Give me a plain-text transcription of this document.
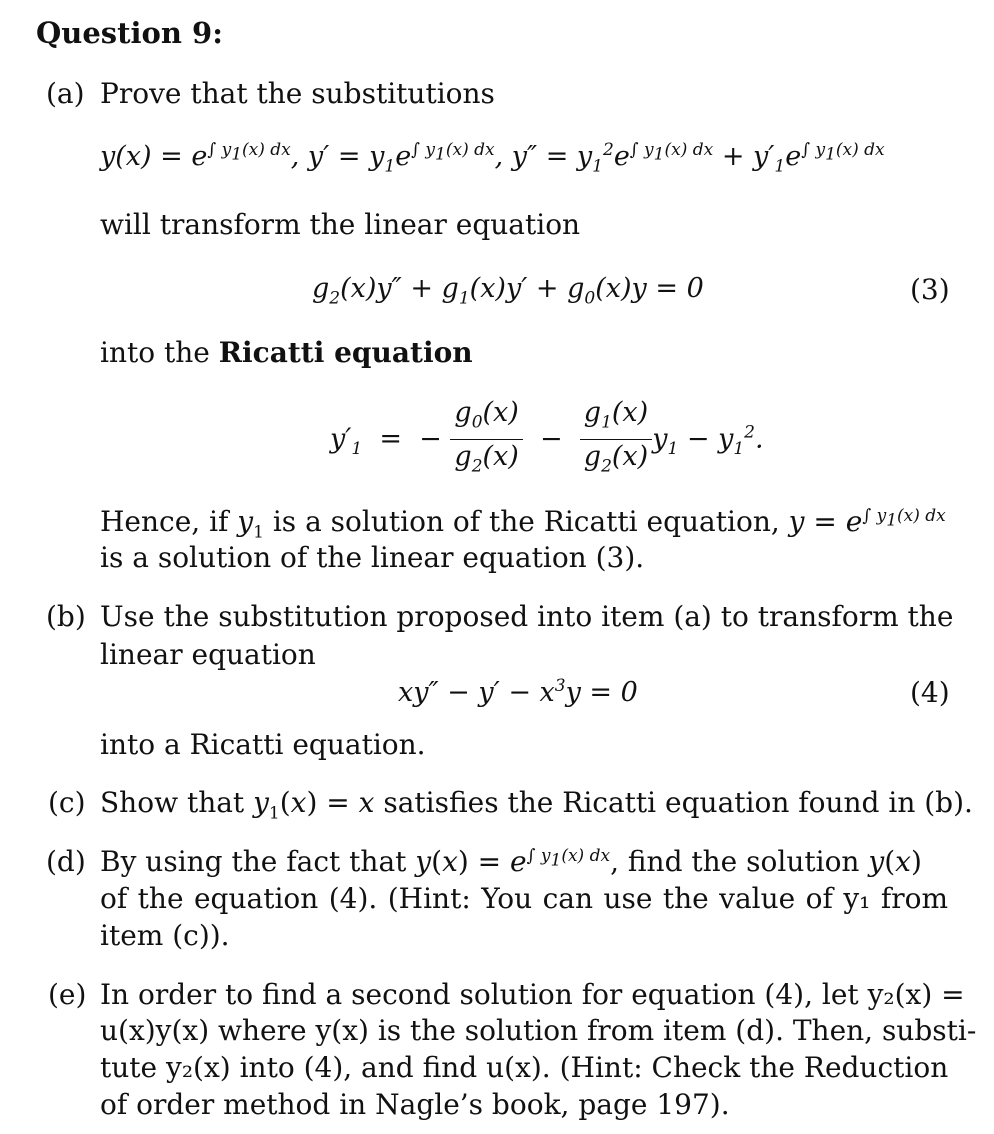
Question 9:
(a) Prove that the substitutions
$y(x) = e^{\int y_1(x) dx}$, $y' = y_1e^{\int y_1(x) dx}$, $y'' = y_1^2e^{\int y_1(x) dx} + y'_1e^{\int y_1(x) dx}$
will transform the linear equation
$g_2(x)y'' + g_1(x)y' + g_0(x)y = 0$	(3)
into the Ricatti equation
$y'_1$  =  − $\frac{g_0(x)}{g_2(x)} - \frac{g_1(x)}{g_2(x)} y_1 - y_1^2$.
Hence, if $y_1$ is a solution of the Ricatti equation, $y = e^{\int y_1(x) dx}$
is a solution of the linear equation (3).
(b) Use the substitution proposed into item (a) to transform the
linear equation
$xy'' - y' - x^3y = 0$	(4)
into a Ricatti equation.
(c) Show that $y_1(x) = x$ satisfies the Ricatti equation found in (b).
(d) By using the fact that $y(x) = e^{\int y_1(x) dx}$, find the solution y(x)
of the equation (4). (Hint: You can use the value of y₁ from
item (c)).
(e) In order to find a second solution for equation (4), let y₂(x) =
u(x)y(x) where y(x) is the solution from item (d). Then, substi-
tute y₂(x) into (4), and find u(x). (Hint: Check the Reduction
of order method in Nagle’s book, page 197).
